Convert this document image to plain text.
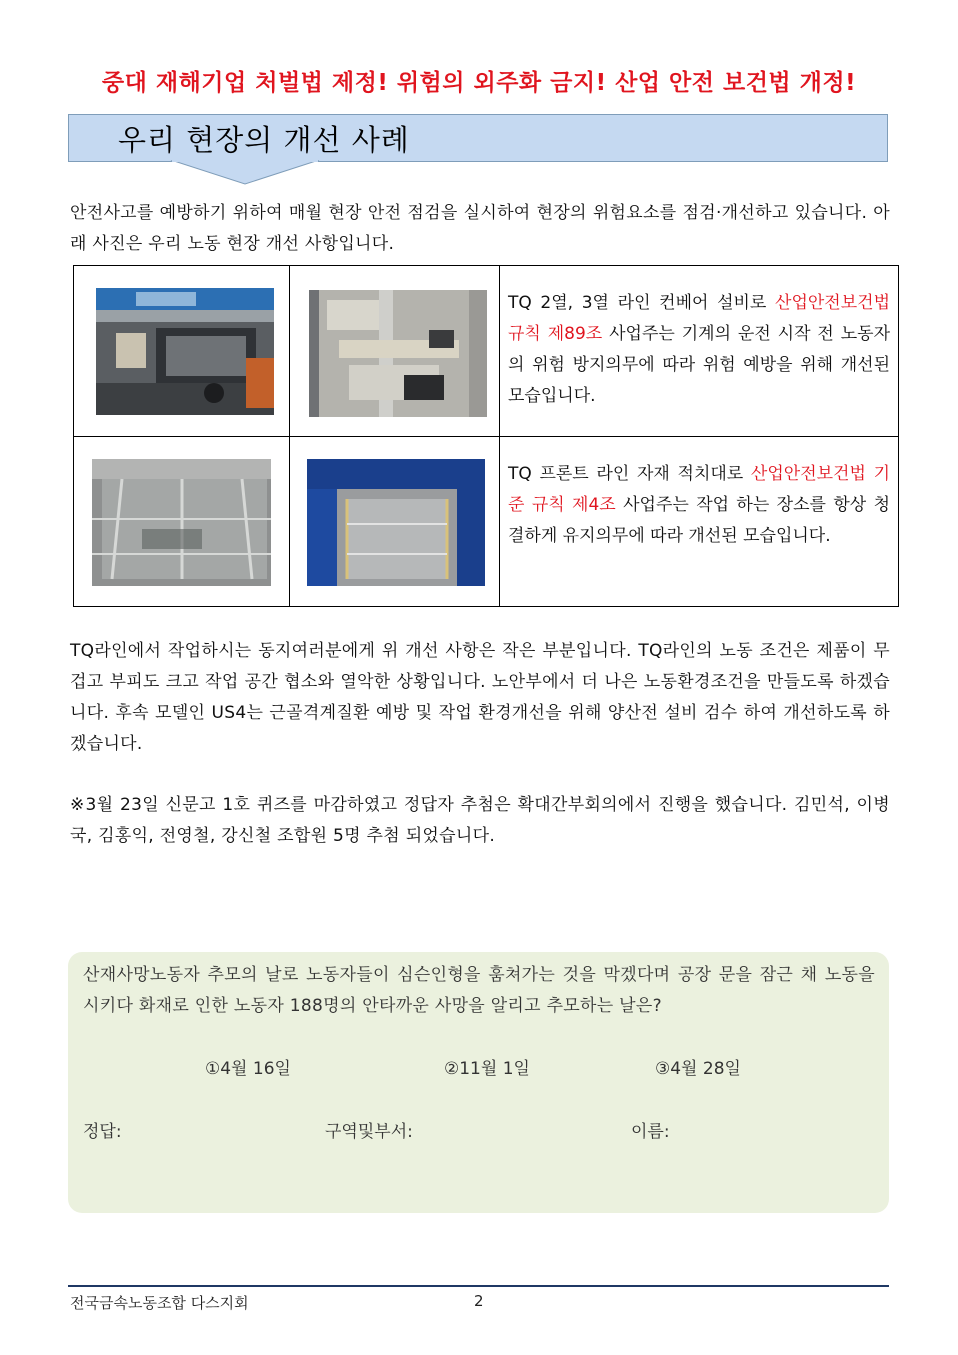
중대 재해기업 처벌법 제정! 위험의 외주화 금지! 산업 안전 보건법 개정!
우리 현장의 개선 사례
안전사고를 예방하기 위하여 매월 현장 안전 점검을 실시하여 현장의 위험요소를 점검·개선하고 있습니다. 아래 사진은 우리 노동 현장 개선 사항입니다.
TQ 2열, 3열 라인 컨베어 설비로 산업안전보건법 규칙 제89조 사업주는 기계의 운전 시작 전 노동자의 위험 방지의무에 따라 위험 예방을 위해 개선된 모습입니다.
TQ 프론트 라인 자재 적치대로 산업안전보건법 기준 규칙 제4조 사업주는 작업 하는 장소를 항상 청결하게 유지의무에 따라 개선된 모습입니다.
TQ라인에서 작업하시는 동지여러분에게 위 개선 사항은 작은 부분입니다. TQ라인의 노동 조건은 제품이 무겁고 부피도 크고 작업 공간 협소와 열악한 상황입니다. 노안부에서 더 나은 노동환경조건을 만들도록 하겠습니다. 후속 모델인 US4는 근골격계질환 예방 및 작업 환경개선을 위해 양산전 설비 검수 하여 개선하도록 하겠습니다.
※3월 23일 신문고 1호 퀴즈를 마감하였고 정답자 추첨은 확대간부회의에서 진행을 했습니다. 김민석, 이병국, 김홍익, 전영철, 강신철 조합원 5명 추첨 되었습니다.
산재사망노동자 추모의 날로 노동자들이 심슨인형을 훔쳐가는 것을 막겠다며 공장 문을 잠근 채 노동을 시키다 화재로 인한 노동자 188명의 안타까운 사망을 알리고 추모하는 날은?
①4월 16일	②11월 1일	③4월 28일
정답:	구역및부서:	이름:
전국금속노동조합 다스지회	2
